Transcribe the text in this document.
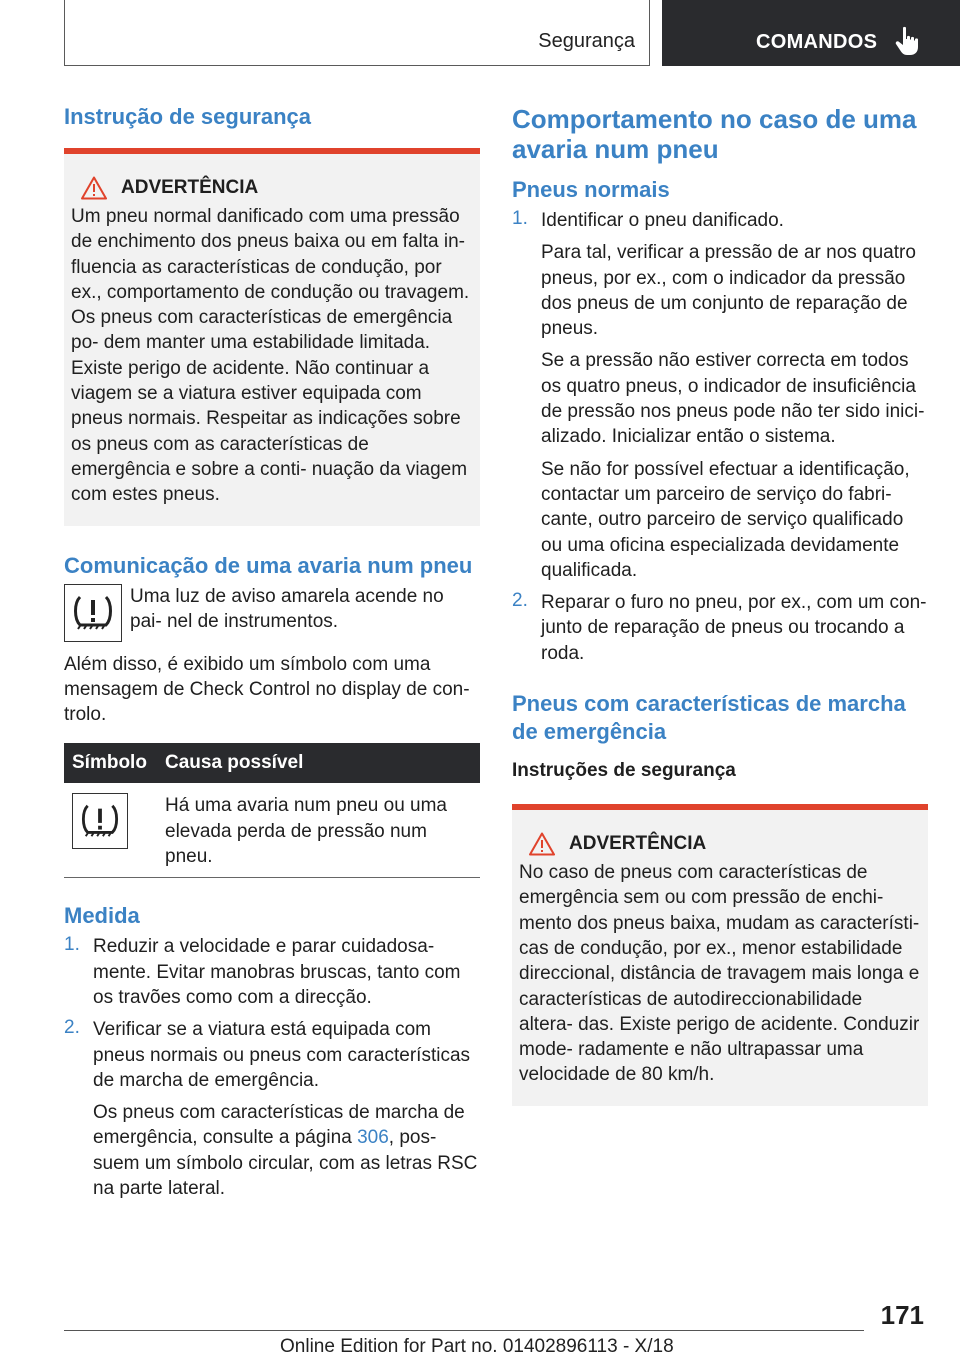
Segurança	COMANDOS
Instrução de segurança
ADVERTÊNCIA

Um pneu normal danificado com uma pressão de enchimento dos pneus baixa ou em falta in- fluencia as características de condução, por ex., comportamento de condução ou travagem. Os pneus com características de emergência po- dem manter uma estabilidade limitada. Existe perigo de acidente. Não continuar a viagem se a viatura estiver equipada com pneus normais. Respeitar as indicações sobre os pneus com as características de emergência e sobre a conti- nuação da viagem com estes pneus.

Comunicação de uma avaria num pneu

Uma luz de aviso amarela acende no pai- nel de instrumentos.

Além disso, é exibido um símbolo com uma mensagem de Check Control no display de con- trolo.

Símbolo	Causa possível

	Há uma avaria num pneu ou uma elevada perda de pressão num pneu.
Medida
1. Reduzir a velocidade e parar cuidadosa- mente. Evitar manobras bruscas, tanto com os travões como com a direcção.

2. Verificar se a viatura está equipada com pneus normais ou pneus com características de marcha de emergência.

Os pneus com características de marcha de emergência, consulte a página 306, pos- suem um símbolo circular, com as letras RSC na parte lateral.

Comportamento no caso de uma avaria num pneu
Pneus normais
1. Identificar o pneu danificado.

Para tal, verificar a pressão de ar nos quatro pneus, por ex., com o indicador da pressão dos pneus de um conjunto de reparação de pneus.

Se a pressão não estiver correcta em todos os quatro pneus, o indicador de insuficiência de pressão nos pneus pode não ter sido inici- alizado. Inicializar então o sistema.

Se não for possível efectuar a identificação, contactar um parceiro de serviço do fabri- cante, outro parceiro de serviço qualificado ou uma oficina especializada devidamente qualificada.

2. Reparar o furo no pneu, por ex., com um con- junto de reparação de pneus ou trocando a roda.

Pneus com características de marcha de emergência
Instruções de segurança
ADVERTÊNCIA

No caso de pneus com características de emergência sem ou com pressão de enchi- mento dos pneus baixa, mudam as característi- cas de condução, por ex., menor estabilidade direccional, distância de travagem mais longa e características de autodireccionabilidade altera- das. Existe perigo de acidente. Conduzir mode- radamente e não ultrapassar uma velocidade de 80 km/h.

171
Online Edition for Part no. 01402896113 - X/18
